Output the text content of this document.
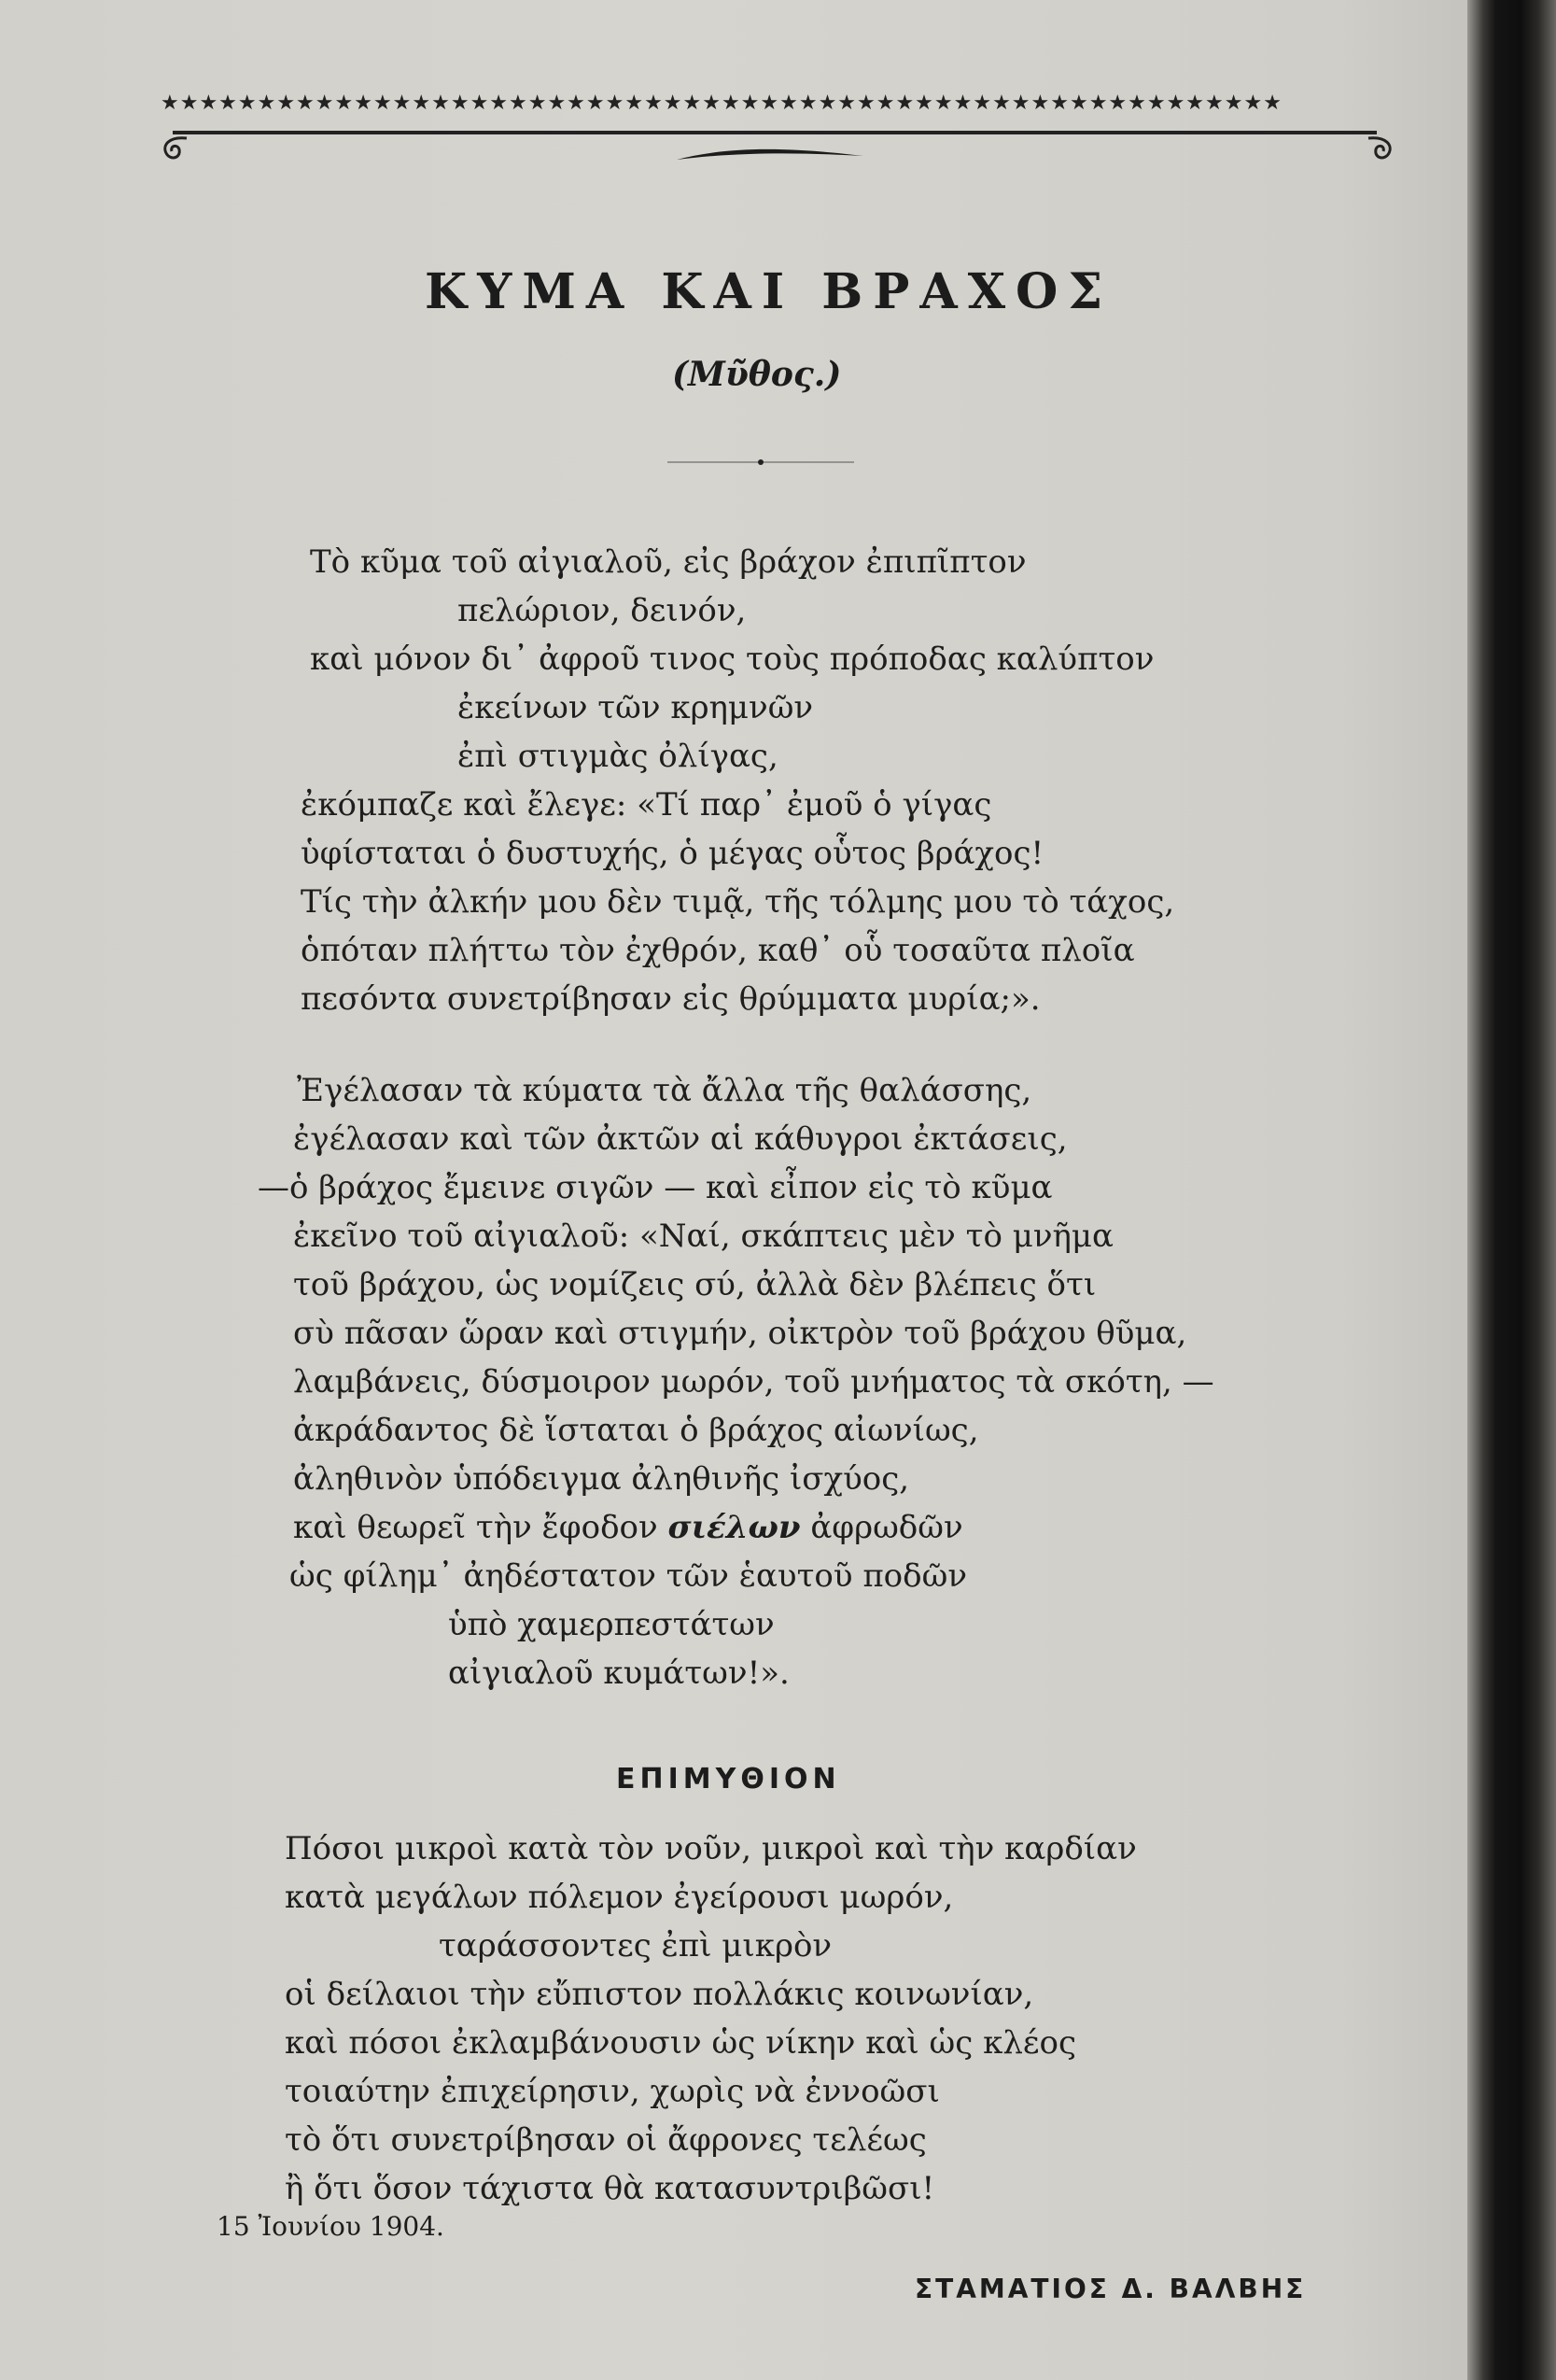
★★★★★★★★★★★★★★★★★★★★★★★★★★★★★★★★★★★★★★★★★★★★★★★★★★★★★★★★★★
ΚΥΜΑ ΚΑΙ ΒΡΑΧΟΣ
(Μῦθος.)
Τὸ κῦμα τοῦ αἰγιαλοῦ, εἰς βράχον ἐπιπῖπτον
πελώριον, δεινόν,
καὶ μόνον δι᾽ ἀφροῦ τινος τοὺς πρόποδας καλύπτον
ἐκείνων τῶν κρημνῶν
ἐπὶ στιγμὰς ὀλίγας,
ἐκόμπαζε καὶ ἔλεγε: «Τί παρ᾽ ἐμοῦ ὁ γίγας
ὑφίσταται ὁ δυστυχής, ὁ μέγας οὗτος βράχος!
Τίς τὴν ἀλκήν μου δὲν τιμᾷ, τῆς τόλμης μου τὸ τάχος,
ὁπόταν πλήττω τὸν ἐχθρόν, καθ᾽ οὗ τοσαῦτα πλοῖα
πεσόντα συνετρίβησαν εἰς θρύμματα μυρία;».
Ἐγέλασαν τὰ κύματα τὰ ἄλλα τῆς θαλάσσης,
ἐγέλασαν καὶ τῶν ἀκτῶν αἱ κάθυγροι ἐκτάσεις,
—ὁ βράχος ἔμεινε σιγῶν — καὶ εἶπον εἰς τὸ κῦμα
ἐκεῖνο τοῦ αἰγιαλοῦ: «Ναί, σκάπτεις μὲν τὸ μνῆμα
τοῦ βράχου, ὡς νομίζεις σύ, ἀλλὰ δὲν βλέπεις ὅτι
σὺ πᾶσαν ὥραν καὶ στιγμήν, οἰκτρὸν τοῦ βράχου θῦμα,
λαμβάνεις, δύσμοιρον μωρόν, τοῦ μνήματος τὰ σκότη, —
ἀκράδαντος δὲ ἵσταται ὁ βράχος αἰωνίως,
ἀληθινὸν ὑπόδειγμα ἀληθινῆς ἰσχύος,
καὶ θεωρεῖ τὴν ἔφοδον σιέλων ἀφρωδῶν
ὡς φίλημ᾽ ἀηδέστατον τῶν ἑαυτοῦ ποδῶν
ὑπὸ χαμερπεστάτων
αἰγιαλοῦ κυμάτων!».
ΕΠΙΜΥΘΙΟΝ
Πόσοι μικροὶ κατὰ τὸν νοῦν, μικροὶ καὶ τὴν καρδίαν
κατὰ μεγάλων πόλεμον ἐγείρουσι μωρόν,
ταράσσοντες ἐπὶ μικρὸν
οἱ δείλαιοι τὴν εὔπιστον πολλάκις κοινωνίαν,
καὶ πόσοι ἐκλαμβάνουσιν ὡς νίκην καὶ ὡς κλέος
τοιαύτην ἐπιχείρησιν, χωρὶς νὰ ἐννοῶσι
τὸ ὅτι συνετρίβησαν οἱ ἄφρονες τελέως
ἢ ὅτι ὅσον τάχιστα θὰ κατασυντριβῶσι!
15 Ἰουνίου 1904.
ΣΤΑΜΑΤΙΟΣ Δ. ΒΑΛΒΗΣ
